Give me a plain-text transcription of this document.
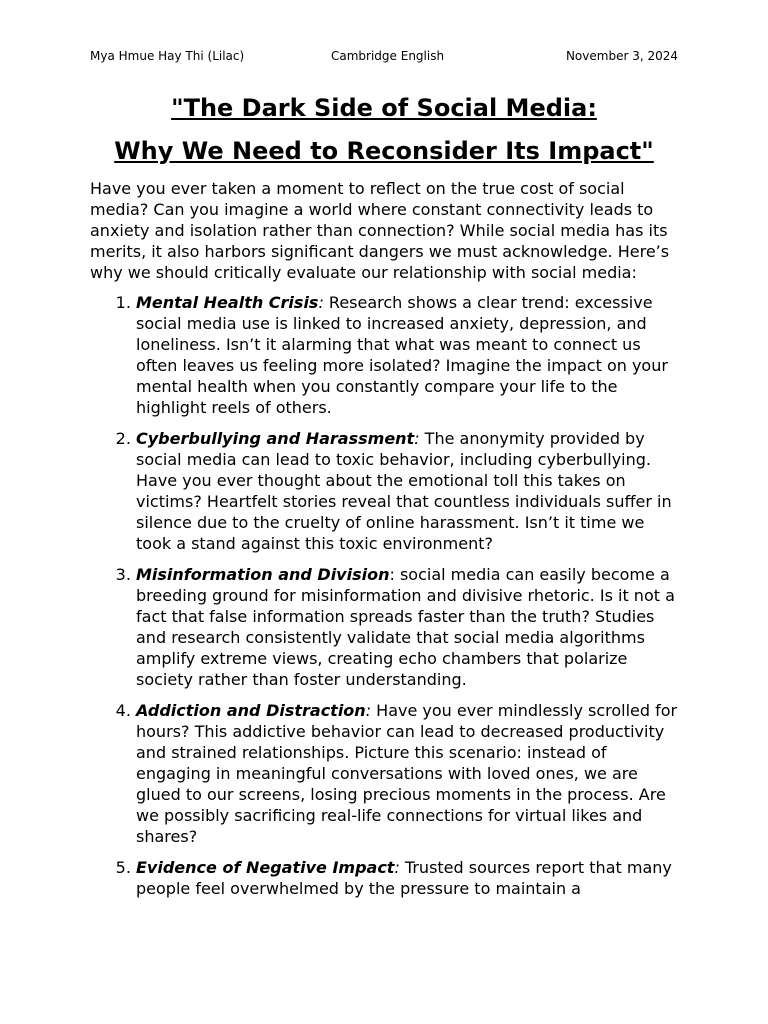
Mya Hmue Hay Thi (Lilac)	Cambridge English	November 3, 2024
"The Dark Side of Social Media:
Why We Need to Reconsider Its Impact"

Have you ever taken a moment to reflect on the true cost of social media? Can you imagine a world where constant connectivity leads to anxiety and isolation rather than connection? While social media has its merits, it also harbors significant dangers we must acknowledge. Here’s why we should critically evaluate our relationship with social media:

1. Mental Health Crisis: Research shows a clear trend: excessive social media use is linked to increased anxiety, depression, and loneliness. Isn’t it alarming that what was meant to connect us often leaves us feeling more isolated? Imagine the impact on your mental health when you constantly compare your life to the highlight reels of others.
2. Cyberbullying and Harassment: The anonymity provided by social media can lead to toxic behavior, including cyberbullying. Have you ever thought about the emotional toll this takes on victims? Heartfelt stories reveal that countless individuals suffer in silence due to the cruelty of online harassment. Isn’t it time we took a stand against this toxic environment?
3. Misinformation and Division: social media can easily become a breeding ground for misinformation and divisive rhetoric. Is it not a fact that false information spreads faster than the truth? Studies and research consistently validate that social media algorithms amplify extreme views, creating echo chambers that polarize society rather than foster understanding.
4. Addiction and Distraction: Have you ever mindlessly scrolled for hours? This addictive behavior can lead to decreased productivity and strained relationships. Picture this scenario: instead of engaging in meaningful conversations with loved ones, we are glued to our screens, losing precious moments in the process. Are we possibly sacrificing real-life connections for virtual likes and shares?
5. Evidence of Negative Impact: Trusted sources report that many people feel overwhelmed by the pressure to maintain a
